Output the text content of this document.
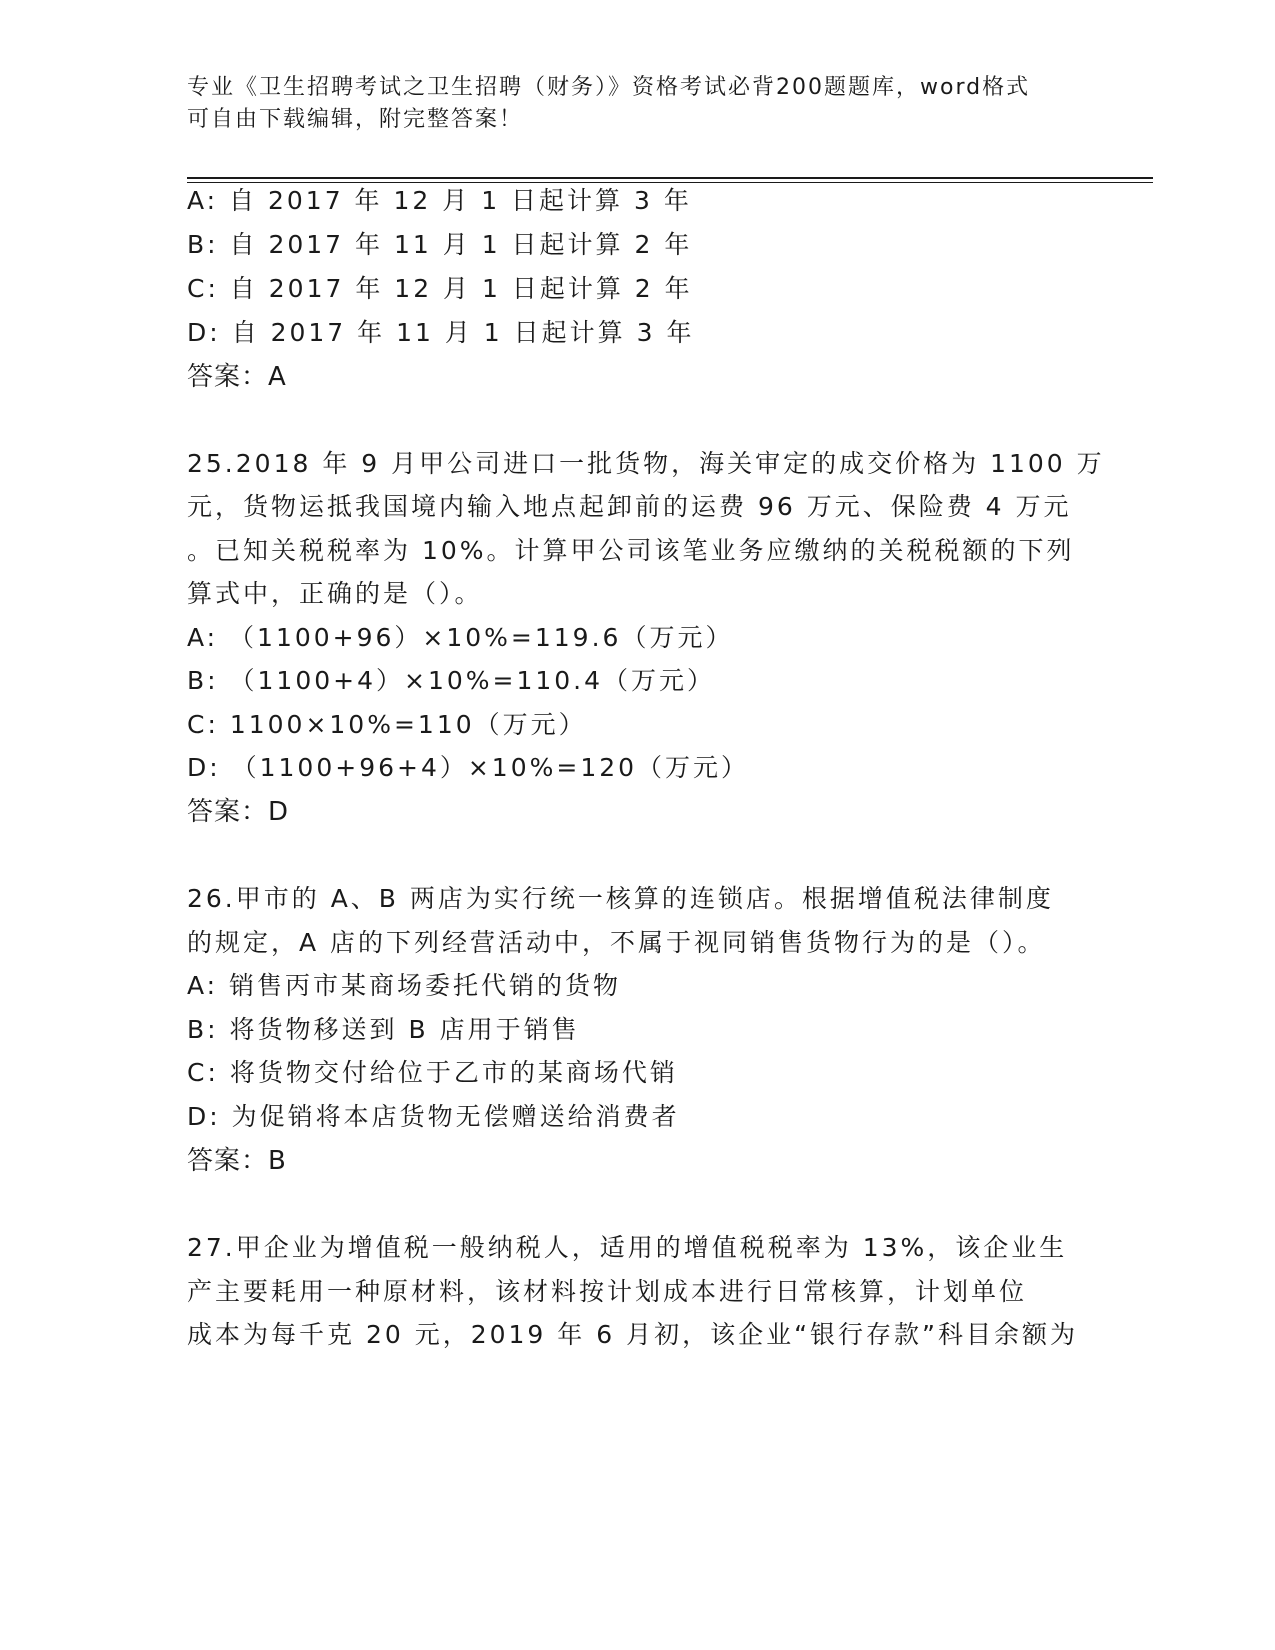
专业《卫生招聘考试之卫生招聘（财务）》资格考试必背200题题库，word格式
可自由下载编辑，附完整答案！
A: 自 2017 年 12 月 1 日起计算 3 年
B: 自 2017 年 11 月 1 日起计算 2 年
C: 自 2017 年 12 月 1 日起计算 2 年
D: 自 2017 年 11 月 1 日起计算 3 年
答案：A
25.2018 年 9 月甲公司进口一批货物，海关审定的成交价格为 1100 万
元，货物运抵我国境内输入地点起卸前的运费 96 万元、保险费 4 万元
。已知关税税率为 10%。计算甲公司该笔业务应缴纳的关税税额的下列
算式中，正确的是（）。
A: （1100+96）×10%=119.6（万元）
B: （1100+4）×10%=110.4（万元）
C: 1100×10%=110（万元）
D: （1100+96+4）×10%=120（万元）
答案：D
26.甲市的 A、B 两店为实行统一核算的连锁店。根据增值税法律制度
的规定，A 店的下列经营活动中，不属于视同销售货物行为的是（）。
A: 销售丙市某商场委托代销的货物
B: 将货物移送到 B 店用于销售
C: 将货物交付给位于乙市的某商场代销
D: 为促销将本店货物无偿赠送给消费者
答案：B
27.甲企业为增值税一般纳税人，适用的增值税税率为 13%，该企业生
产主要耗用一种原材料，该材料按计划成本进行日常核算，计划单位
成本为每千克 20 元，2019 年 6 月初，该企业“银行存款”科目余额为
